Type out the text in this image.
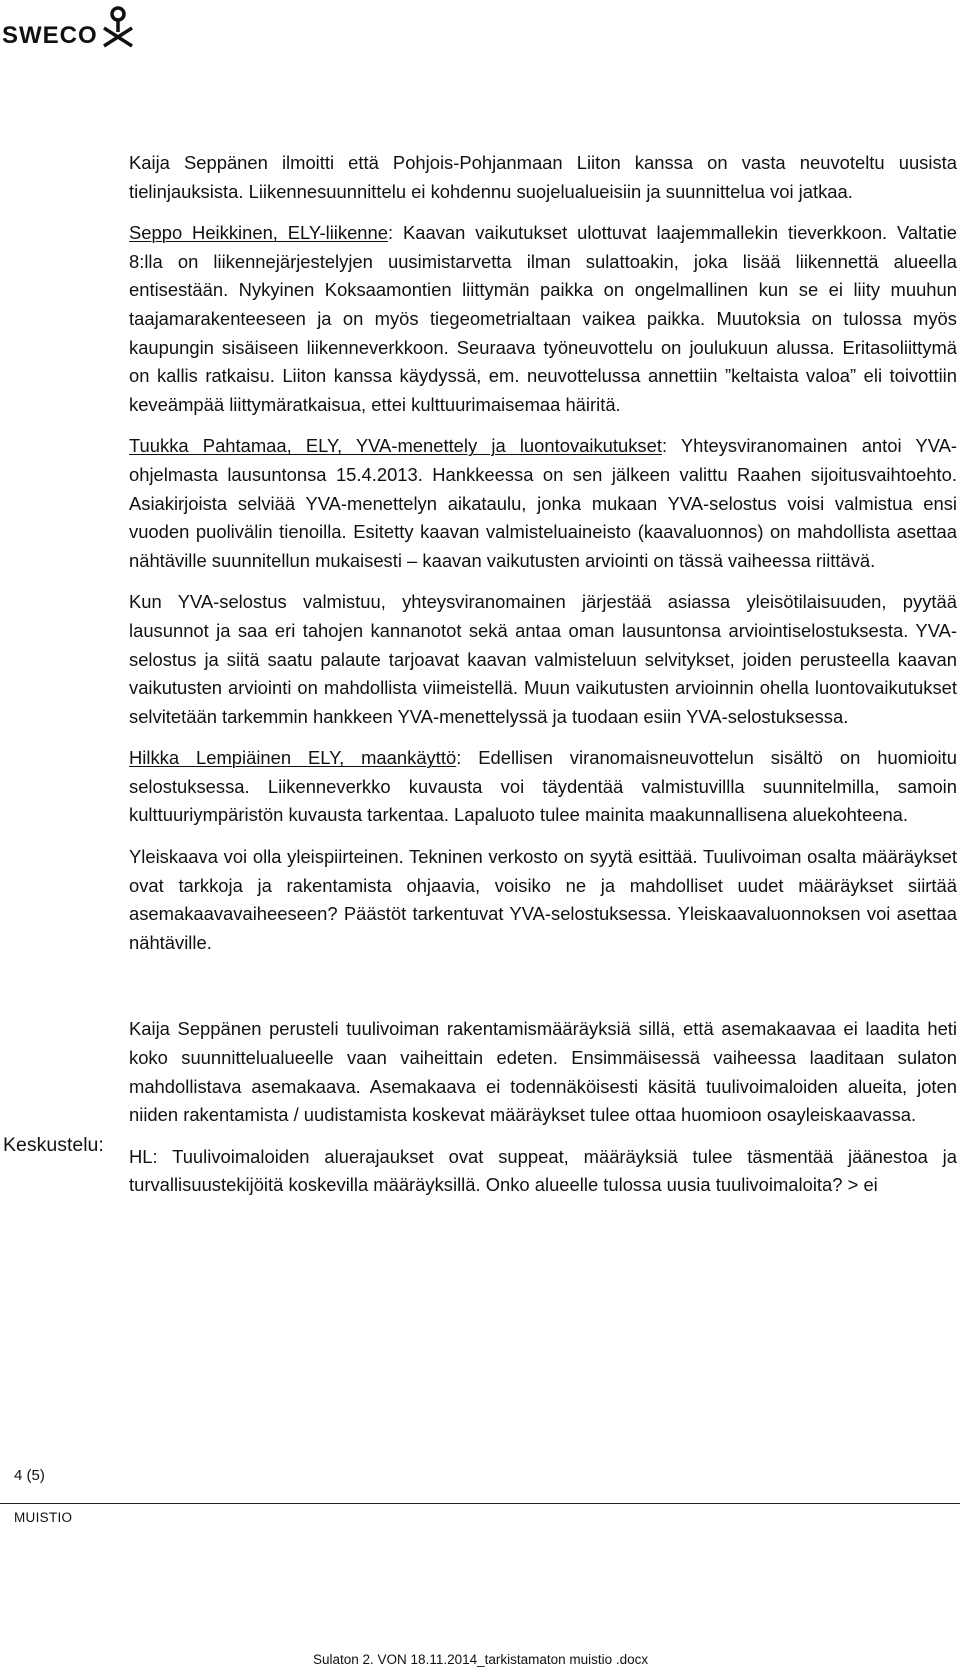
SWECO

Kaija Seppänen ilmoitti että Pohjois-Pohjanmaan Liiton kanssa on vasta neuvoteltu uusista tielinjauksista. Liikennesuunnittelu ei kohdennu suojelualueisiin ja suunnittelua voi jatkaa.

Seppo Heikkinen, ELY-liikenne: Kaavan vaikutukset ulottuvat laajemmallekin tieverkkoon. Valtatie 8:lla on liikennejärjestelyjen uusimistarvetta ilman sulattoakin, joka lisää liikennettä alueella entisestään. Nykyinen Koksaamontien liittymän paikka on ongelmallinen kun se ei liity muuhun taajamarakenteeseen ja on myös tiegeometrialtaan vaikea paikka. Muutoksia on tulossa myös kaupungin sisäiseen liikenneverkkoon. Seuraava työneuvottelu on joulukuun alussa. Eritasoliittymä on kallis ratkaisu. Liiton kanssa käydyssä, em. neuvottelussa annettiin ”keltaista valoa” eli toivottiin keveämpää liittymäratkaisua, ettei kulttuurimaisemaa häiritä.

Tuukka Pahtamaa, ELY, YVA-menettely ja luontovaikutukset: Yhteysviranomainen antoi YVA-ohjelmasta lausuntonsa 15.4.2013. Hankkeessa on sen jälkeen valittu Raahen sijoitusvaihtoehto. Asiakirjoista selviää YVA-menettelyn aikataulu, jonka mukaan YVA-selostus voisi valmistua ensi vuoden puolivälin tienoilla. Esitetty kaavan valmisteluaineisto (kaavaluonnos) on mahdollista asettaa nähtäville suunnitellun mukaisesti – kaavan vaikutusten arviointi on tässä vaiheessa riittävä.

Kun YVA-selostus valmistuu, yhteysviranomainen järjestää asiassa yleisötilaisuuden, pyytää lausunnot ja saa eri tahojen kannanotot sekä antaa oman lausuntonsa arviointiselostuksesta. YVA-selostus ja siitä saatu palaute tarjoavat kaavan valmisteluun selvitykset, joiden perusteella kaavan vaikutusten arviointi on mahdollista viimeistellä. Muun vaikutusten arvioinnin ohella luontovaikutukset selvitetään tarkemmin hankkeen YVA-menettelyssä ja tuodaan esiin YVA-selostuksessa.

Hilkka Lempiäinen ELY, maankäyttö: Edellisen viranomaisneuvottelun sisältö on huomioitu selostuksessa. Liikenneverkko kuvausta voi täydentää valmistuvillla suunnitelmilla, samoin kulttuuriympäristön kuvausta tarkentaa. Lapaluoto tulee mainita maakunnallisena aluekohteena.

Yleiskaava voi olla yleispiirteinen. Tekninen verkosto on syytä esittää. Tuulivoiman osalta määräykset ovat tarkkoja ja rakentamista ohjaavia, voisiko ne ja mahdolliset uudet määräykset siirtää asemakaavavaiheeseen? Päästöt tarkentuvat YVA-selostuksessa. Yleiskaavaluonnoksen voi asettaa nähtäville.

Kaija Seppänen perusteli tuulivoiman rakentamismääräyksiä sillä, että asemakaavaa ei laadita heti koko suunnittelualueelle vaan vaiheittain edeten. Ensimmäisessä vaiheessa laaditaan sulaton mahdollistava asemakaava. Asemakaava ei todennäköisesti käsitä tuulivoimaloiden alueita, joten niiden rakentamista / uudistamista koskevat määräykset tulee ottaa huomioon osayleiskaavassa.

HL: Tuulivoimaloiden aluerajaukset ovat suppeat, määräyksiä tulee täsmentää jäänestoa ja turvallisuustekijöitä koskevilla määräyksillä. Onko alueelle tulossa uusia tuulivoimaloita? > ei

Keskustelu:
4 (5)
MUISTIO
Sulaton 2. VON 18.11.2014_tarkistamaton muistio .docx
